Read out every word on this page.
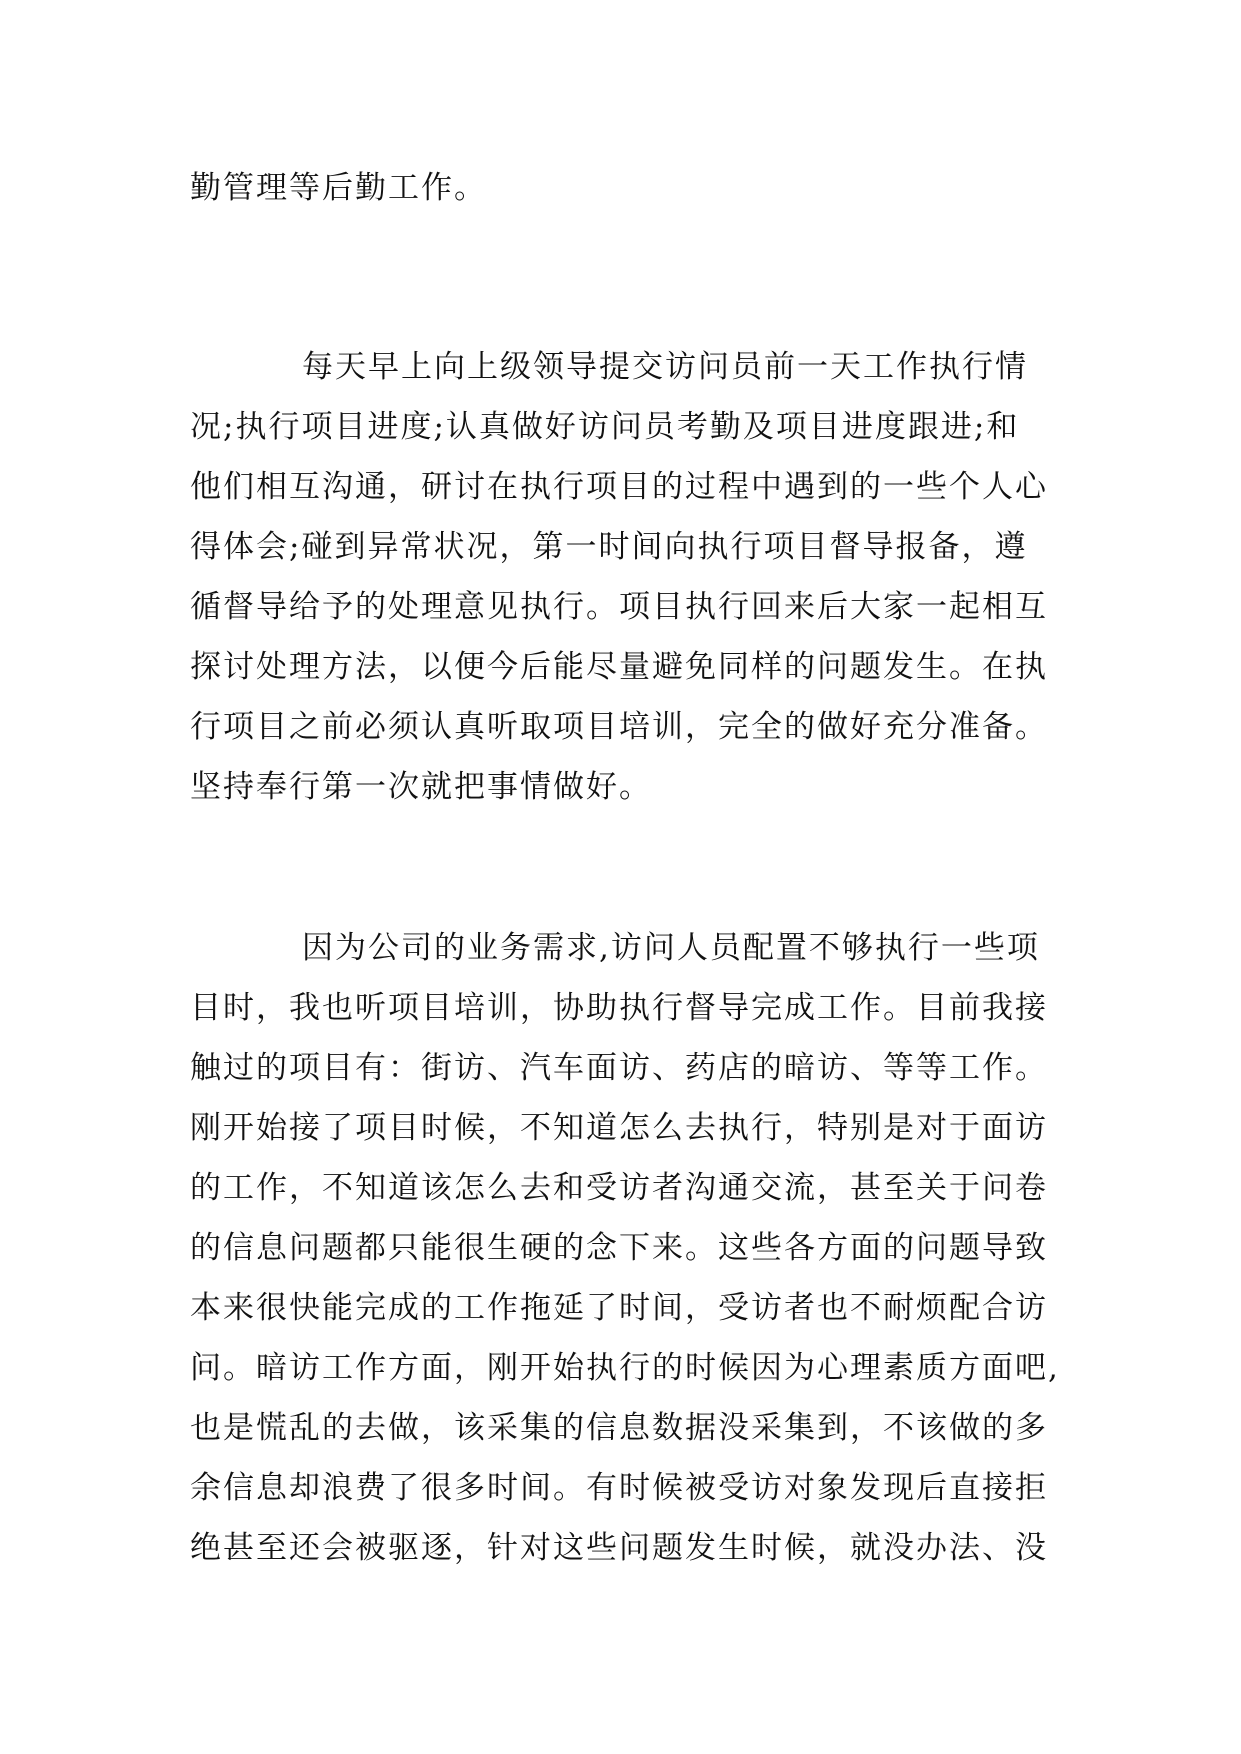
勤管理等后勤工作。
每天早上向上级领导提交访问员前一天工作执行情
况;执行项目进度;认真做好访问员考勤及项目进度跟进;和
他们相互沟通，研讨在执行项目的过程中遇到的一些个人心
得体会;碰到异常状况，第一时间向执行项目督导报备，遵
循督导给予的处理意见执行。项目执行回来后大家一起相互
探讨处理方法，以便今后能尽量避免同样的问题发生。在执
行项目之前必须认真听取项目培训，完全的做好充分准备。
坚持奉行第一次就把事情做好。
因为公司的业务需求,访问人员配置不够执行一些项
目时，我也听项目培训，协助执行督导完成工作。目前我接
触过的项目有：街访、汽车面访、药店的暗访、等等工作。
刚开始接了项目时候，不知道怎么去执行，特别是对于面访
的工作，不知道该怎么去和受访者沟通交流，甚至关于问卷
的信息问题都只能很生硬的念下来。这些各方面的问题导致
本来很快能完成的工作拖延了时间，受访者也不耐烦配合访
问。暗访工作方面，刚开始执行的时候因为心理素质方面吧,
也是慌乱的去做，该采集的信息数据没采集到，不该做的多
余信息却浪费了很多时间。有时候被受访对象发现后直接拒
绝甚至还会被驱逐，针对这些问题发生时候，就没办法、没
